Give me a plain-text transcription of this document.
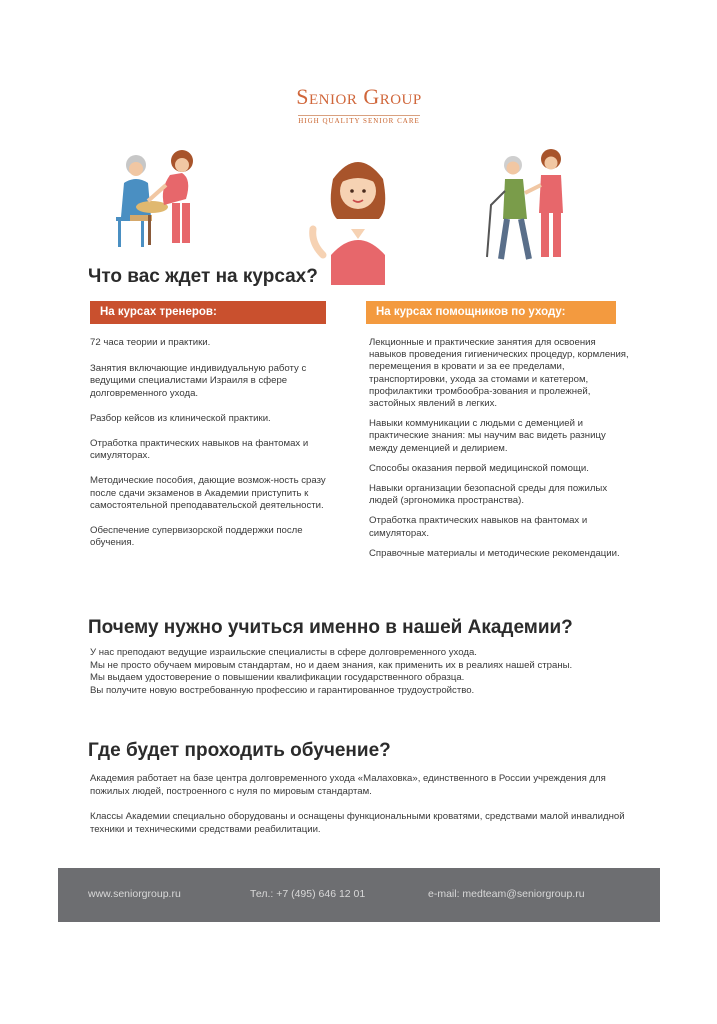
Senior Group
HIGH QUALITY SENIOR CARE
Что вас ждет на курсах?
На курсах тренеров:	На курсах помощников по уходу:

72 часа теории и практики.

Занятия включающие индивидуальную работу с ведущими специалистами Израиля в сфере долговременного ухода.

Разбор кейсов из клинической практики.

Отработка практических навыков на фантомах и симуляторах.

Методические пособия, дающие возмож-ность сразу после сдачи экзаменов в Академии приступить к самостоятельной преподавательской деятельности.

Обеспечение супервизорской поддержки после обучения.

Лекционные и практические занятия для освоения навыков проведения гигиенических процедур, кормления, перемещения в кровати и за ее пределами, транспортировки, ухода за стомами и катетером, профилактики тромбообра-зования и пролежней, застойных явлений в легких.

Навыки коммуникации с людьми с деменцией и практические знания: мы научим вас видеть разницу между деменцией и делирием.

Способы оказания первой медицинской помощи.

Навыки организации безопасной среды для пожилых людей (эргономика пространства).

Отработка практических навыков на фантомах и симуляторах.

Справочные материалы и методические рекомендации.

Почему нужно учиться именно в нашей Академии?

У нас преподают ведущие израильские специалисты в сфере долговременного ухода.

Мы не просто обучаем мировым стандартам, но и даем знания, как применить их в реалиях нашей страны.

Мы выдаем удостоверение о повышении квалификации государственного образца.

Вы получите новую востребованную профессию и гарантированное трудоустройство.

Где будет проходить обучение?

Академия работает на базе центра долговременного ухода «Малаховка», единственного в России учреждения для пожилых людей, построенного с нуля по мировым стандартам.

Классы Академии специально оборудованы и оснащены функциональными кроватями, средствами малой инвалидной техники и техническими средствами реабилитации.

www.seniorgroup.ru	Тел.: +7 (495) 646 12 01	e-mail: medteam@seniorgroup.ru
